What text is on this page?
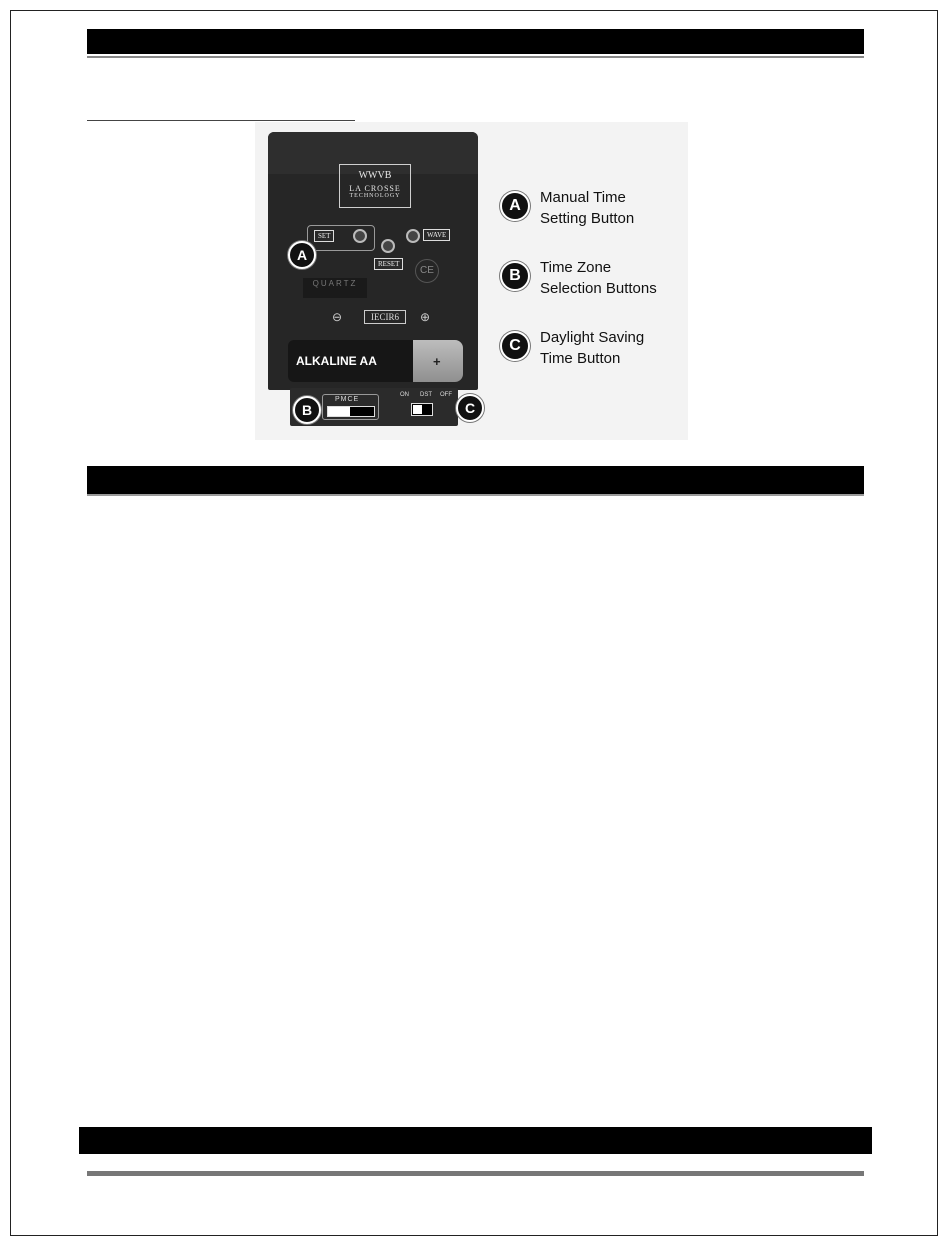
WWVB
LA CROSSE
TECHNOLOGY
SET	WAVE
RESET
CE
QUARTZ
⊖	IECIR6	⊕
ALKALINE AA	+
PMCE
ON DST OFF
A
B	C
A	Manual Time
Setting Button
B	Time Zone
Selection Buttons
C	Daylight Saving
Time Button
